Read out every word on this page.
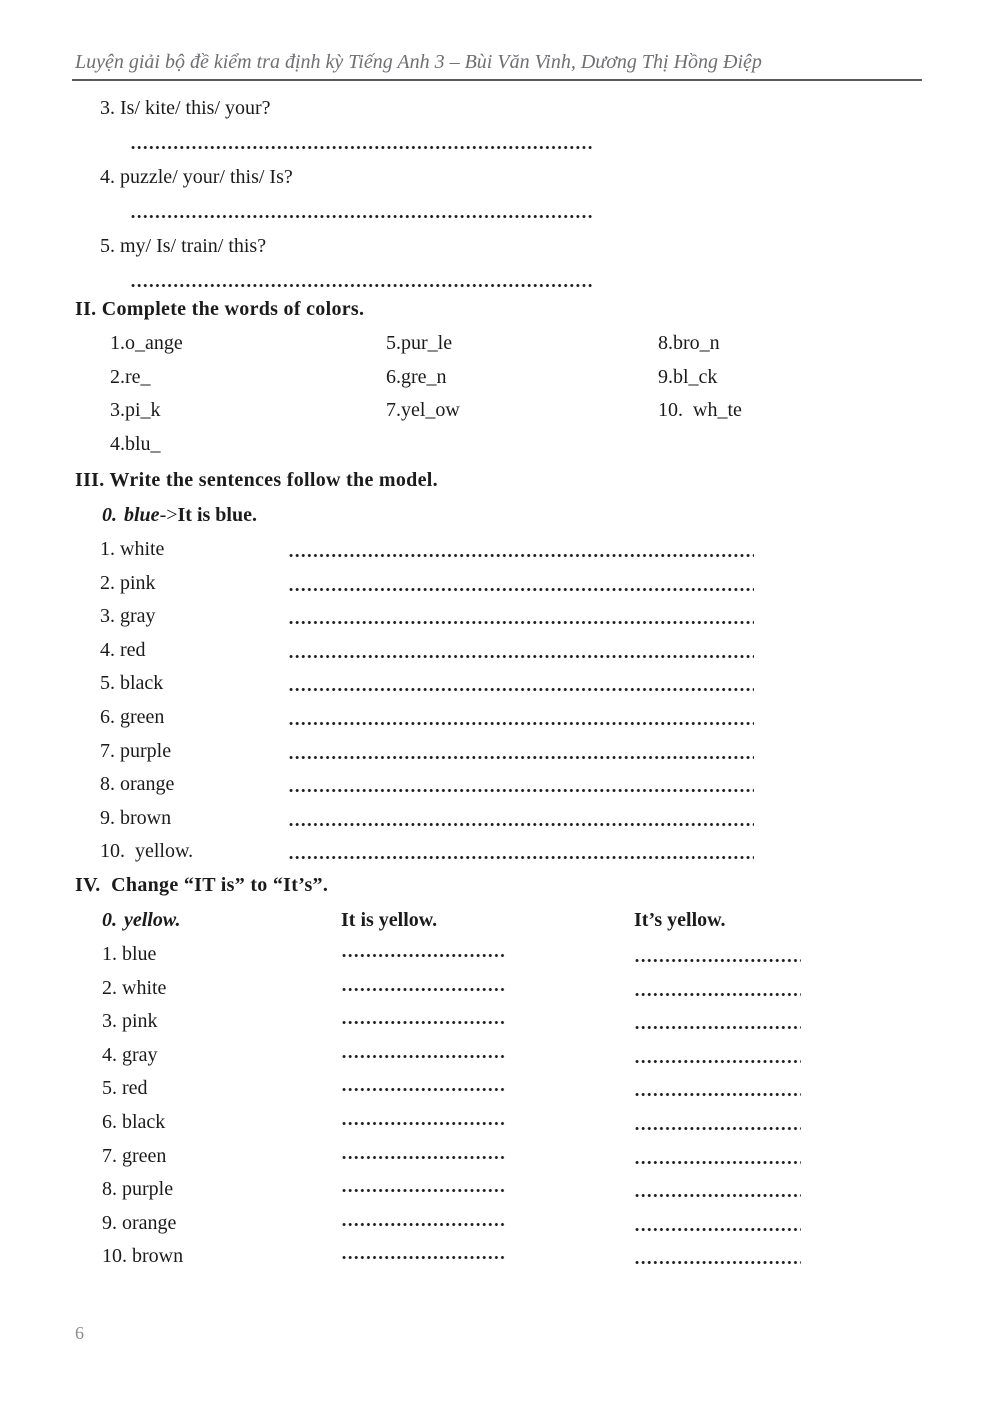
Luyện giải bộ đề kiểm tra định kỳ Tiếng Anh 3 – Bùi Văn Vinh, Dương Thị Hồng Điệp
3. Is/ kite/ this/ your?
4. puzzle/ your/ this/ Is?
5. my/ Is/ train/ this?
II. Complete the words of colors.
1.o_ange
2.re_
3.pi_k
4.blu_
5.pur_le
6.gre_n
7.yel_ow
8.bro_n
9.bl_ck
10.  wh_te
III. Write the sentences follow the model.
0. blue->It is blue.
1. white
2. pink
3. gray
4. red
5. black
6. green
7. purple
8. orange
9. brown
10.  yellow.
IV.  Change “IT is” to “It’s”.
0. yellow.	It is yellow.	It’s yellow.
1. blue
2. white
3. pink
4. gray
5. red
6. black
7. green
8. purple
9. orange
10. brown
6
